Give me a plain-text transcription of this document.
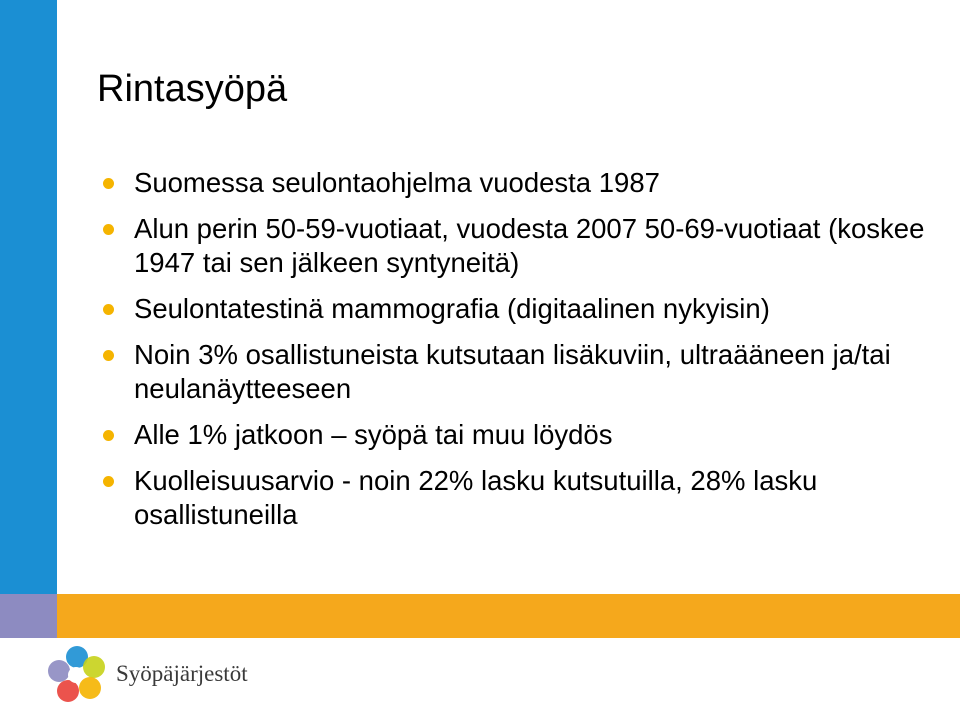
Rintasyöpä
Suomessa seulontaohjelma vuodesta 1987
Alun perin 50-59-vuotiaat, vuodesta 2007 50-69-vuotiaat (koskee 1947 tai sen jälkeen syntyneitä)
Seulontatestinä mammografia (digitaalinen nykyisin)
Noin 3% osallistuneista kutsutaan lisäkuviin, ultraääneen ja/tai neulanäytteeseen
Alle 1% jatkoon – syöpä tai muu löydös
Kuolleisuusarvio - noin 22% lasku kutsutuilla, 28% lasku osallistuneilla
Syöpäjärjestöt
